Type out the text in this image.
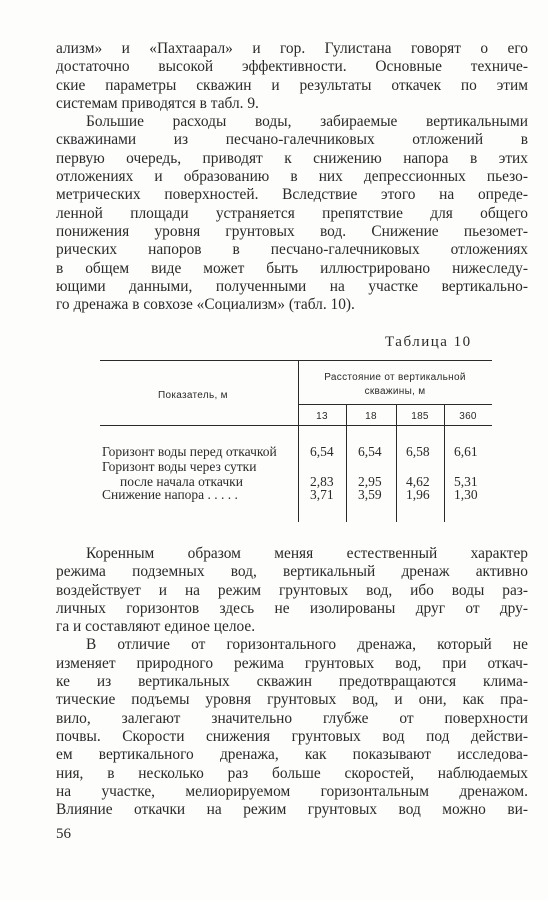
ализм» и «Пахтаарал» и гор. Гулистана говорят о его
достаточно высокой эффективности. Основные техниче-
ские параметры скважин и результаты откачек по этим
системам приводятся в табл. 9.
Большие расходы воды, забираемые вертикальными
скважинами из песчано-галечниковых отложений в
первую очередь, приводят к снижению напора в этих
отложениях и образованию в них депрессионных пьезо-
метрических поверхностей. Вследствие этого на опреде-
ленной площади устраняется препятствие для общего
понижения уровня грунтовых вод. Снижение пьезомет-
рических напоров в песчано-галечниковых отложениях
в общем виде может быть иллюстрировано нижеследу-
ющими данными, полученными на участке вертикально-
го дренажа в совхозе «Социализм» (табл. 10).
Таблица 10
Показатель, м
Расстояние от вертикальной
скважины, м
13	18	185	360
Горизонт воды перед откачкой 6,54 6,54 6,58 6,61
Горизонт воды через сутки
после начала откачки	2,83 2,95 4,62 5,31
Снижение напора . . . . .	3,71 3,59 1,96 1,30
Коренным образом меняя естественный характер
режима подземных вод, вертикальный дренаж активно
воздействует и на режим грунтовых вод, ибо воды раз-
личных горизонтов здесь не изолированы друг от дру-
га и составляют единое целое.
В отличие от горизонтального дренажа, который не
изменяет природного режима грунтовых вод, при откач-
ке из вертикальных скважин предотвращаются клима-
тические подъемы уровня грунтовых вод, и они, как пра-
вило, залегают значительно глубже от поверхности
почвы. Скорости снижения грунтовых вод под действи-
ем вертикального дренажа, как показывают исследова-
ния, в несколько раз больше скоростей, наблюдаемых
на участке, мелиорируемом горизонтальным дренажом.
Влияние откачки на режим грунтовых вод можно ви-
56
